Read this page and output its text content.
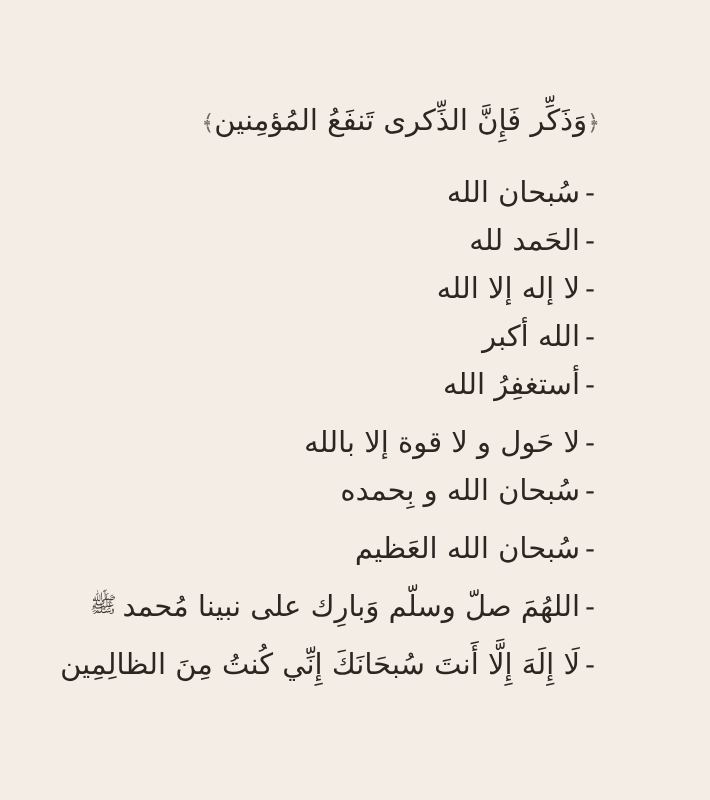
﴿وَذَكِّر فَإِنَّ الذِّكرى تَنفَعُ المُؤمِنين﴾
-
سُبحان الله
-
الحَمد لله
-
لا إله إلا الله
-
الله أكبر
-
أستغفِرُ الله
-
لا حَول و لا قوة إلا بالله
-
سُبحان الله و بِحمده
-
سُبحان الله العَظيم
-
اللهُمَ صلّ وسلّم وَبارِك على نبينا مُحمد
ﷺ
-
لَا إِلَهَ إِلَّا أَنتَ سُبحَانَكَ إِنِّي كُنتُ مِنَ الظالِمِين
